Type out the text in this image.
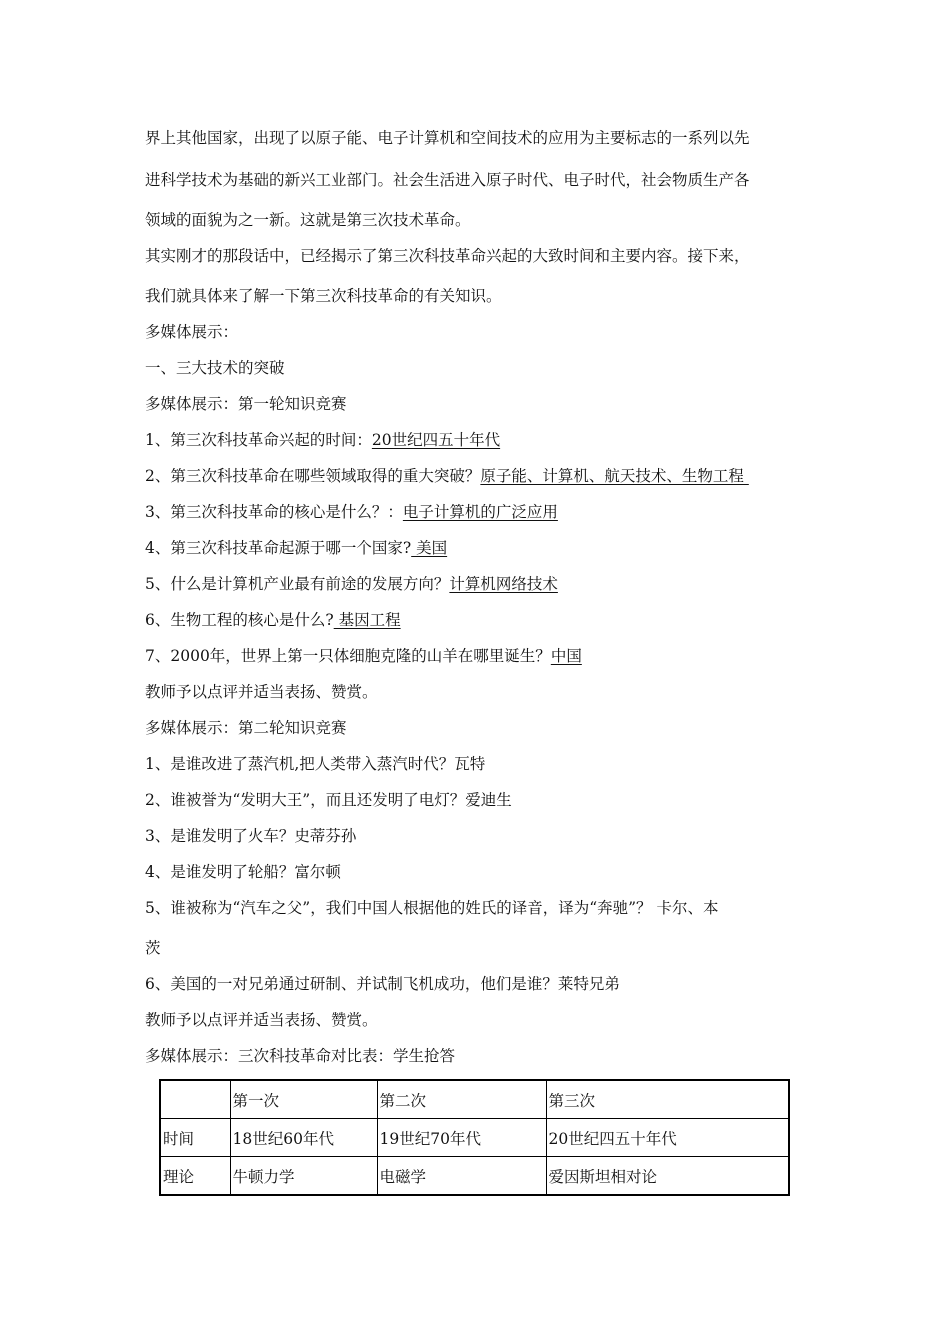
界上其他国家，出现了以原子能、电子计算机和空间技术的应用为主要标志的一系列以先
进科学技术为基础的新兴工业部门。社会生活进入原子时代、电子时代，社会物质生产各
领域的面貌为之一新。这就是第三次技术革命。
其实刚才的那段话中，已经揭示了第三次科技革命兴起的大致时间和主要内容。接下来，
我们就具体来了解一下第三次科技革命的有关知识。
多媒体展示：
一、三大技术的突破
多媒体展示：第一轮知识竞赛
1、第三次科技革命兴起的时间：20世纪四五十年代
2、第三次科技革命在哪些领域取得的重大突破？原子能、计算机、航天技术、生物工程
3、第三次科技革命的核心是什么？：电子计算机的广泛应用
4、第三次科技革命起源于哪一个国家? 美国
5、什么是计算机产业最有前途的发展方向？计算机网络技术
6、生物工程的核心是什么? 基因工程
7、2000年，世界上第一只体细胞克隆的山羊在哪里诞生？中国
教师予以点评并适当表扬、赞赏。
多媒体展示：第二轮知识竞赛
1、是谁改进了蒸汽机,把人类带入蒸汽时代？瓦特
2、谁被誉为“发明大王”，而且还发明了电灯？爱迪生
3、是谁发明了火车？史蒂芬孙
4、是谁发明了轮船？富尔顿
5、谁被称为“汽车之父”，我们中国人根据他的姓氏的译音，译为“奔驰”？ 卡尔、本
茨
6、美国的一对兄弟通过研制、并试制飞机成功，他们是谁？莱特兄弟
教师予以点评并适当表扬、赞赏。
多媒体展示：三次科技革命对比表：学生抢答
	第一次	第二次	第三次
时间	18世纪60年代	19世纪70年代	20世纪四五十年代
理论	牛顿力学	电磁学	爱因斯坦相对论
